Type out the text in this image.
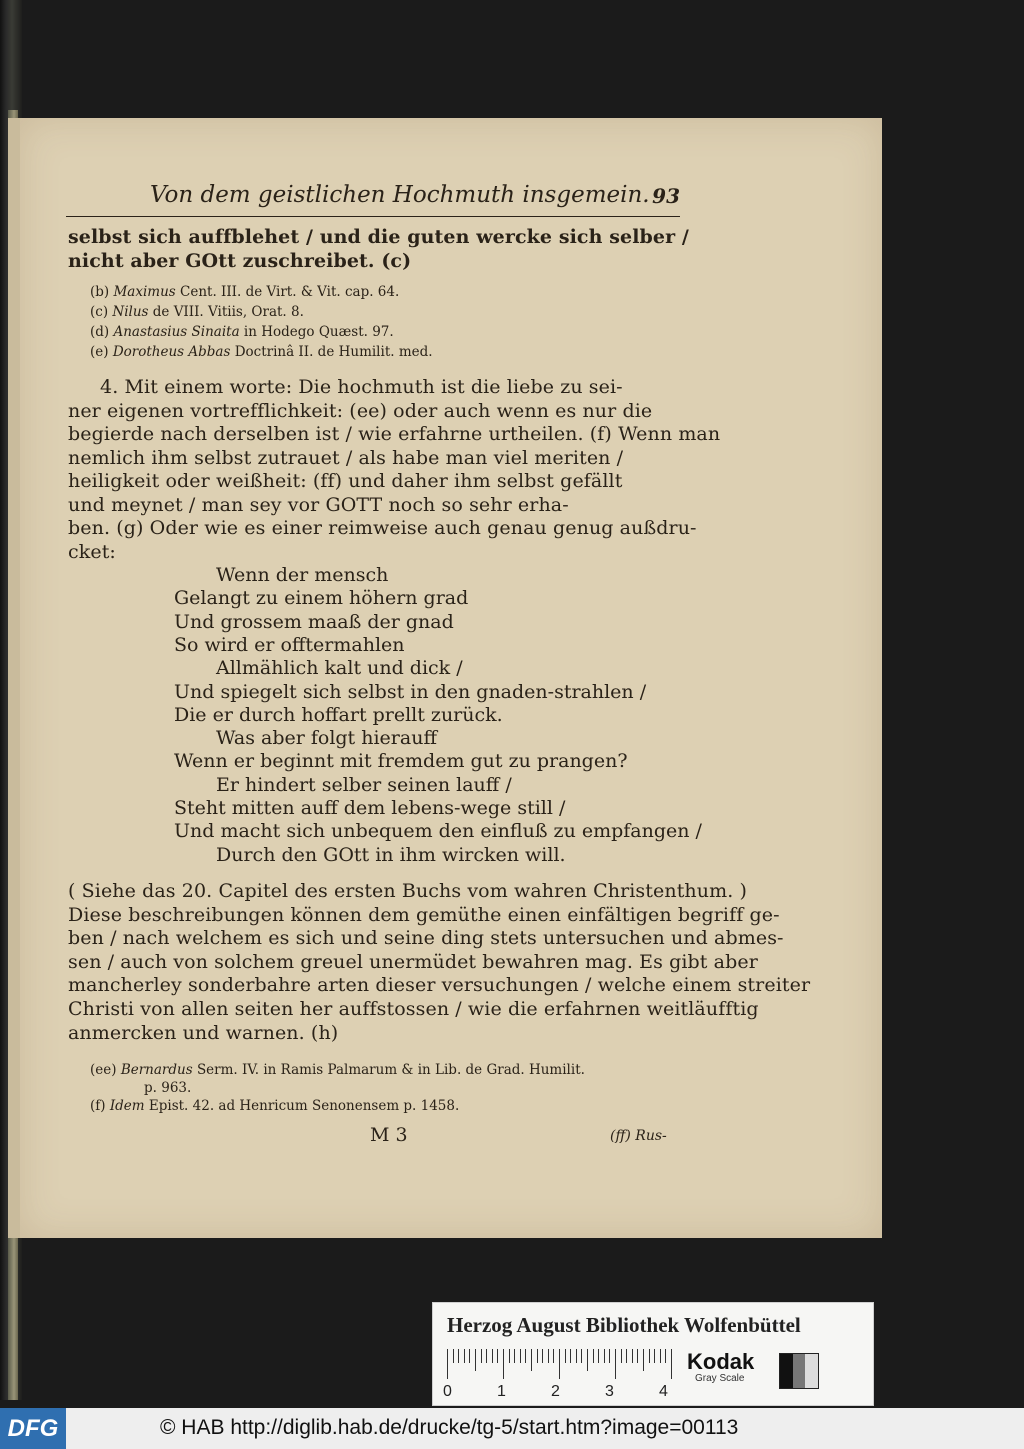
Von dem geistlichen Hochmuth insgemein. 93
selbst sich auffblehet / und die guten wercke sich selber /
nicht aber GOtt zuschreibet. (c)
(b) Maximus Cent. III. de Virt. & Vit. cap. 64.
(c) Nilus de VIII. Vitiis, Orat. 8.
(d) Anastasius Sinaita in Hodego Quæst. 97.
(e) Dorotheus Abbas Doctrinâ II. de Humilit. med.
4. Mit einem worte: Die hochmuth ist die liebe zu sei-
ner eigenen vortrefflichkeit: (ee) oder auch wenn es nur die
begierde nach derselben ist / wie erfahrne urtheilen. (f) Wenn man
nemlich ihm selbst zutrauet / als habe man viel meriten /
heiligkeit oder weißheit: (ff) und daher ihm selbst gefällt
und meynet / man sey vor GOTT noch so sehr erha-
ben. (g) Oder wie es einer reimweise auch genau genug außdru-
cket:
Wenn der mensch
Gelangt zu einem höhern grad
Und grossem maaß der gnad
So wird er offtermahlen
Allmählich kalt und dick /
Und spiegelt sich selbst in den gnaden-strahlen /
Die er durch hoffart prellt zurück.
Was aber folgt hierauff
Wenn er beginnt mit fremdem gut zu prangen?
Er hindert selber seinen lauff /
Steht mitten auff dem lebens-wege still /
Und macht sich unbequem den einfluß zu empfangen /
Durch den GOtt in ihm wircken will.
( Siehe das 20. Capitel des ersten Buchs vom wahren Christenthum. )
Diese beschreibungen können dem gemüthe einen einfältigen begriff ge-
ben / nach welchem es sich und seine ding stets untersuchen und abmes-
sen / auch von solchem greuel unermüdet bewahren mag. Es gibt aber
mancherley sonderbahre arten dieser versuchungen / welche einem streiter
Christi von allen seiten her auffstossen / wie die erfahrnen weitläufftig
anmercken und warnen. (h)
(ee) Bernardus Serm. IV. in Ramis Palmarum & in Lib. de Grad. Humilit.
p. 963.
(f) Idem Epist. 42. ad Henricum Senonensem p. 1458.
M 3	(ff) Rus-
Herzog August Bibliothek Wolfenbüttel
0	1	2	3	4
Kodak
Gray Scale
DFG	© HAB http://diglib.hab.de/drucke/tg-5/start.htm?image=00113
